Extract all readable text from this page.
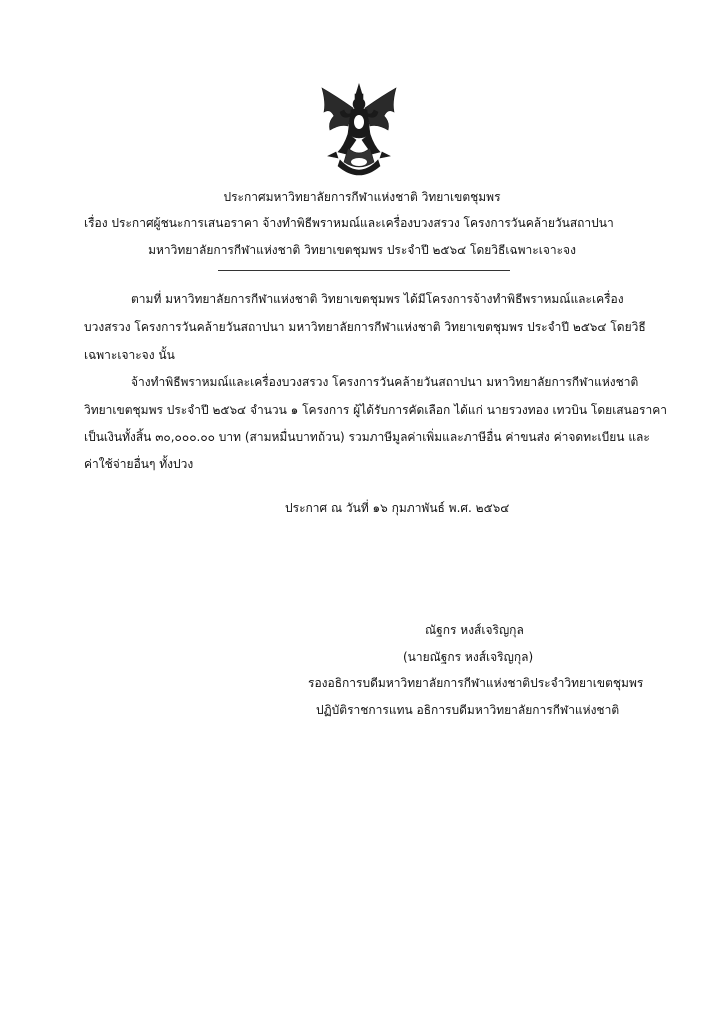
ประกาศมหาวิทยาลัยการกีฬาแห่งชาติ วิทยาเขตชุมพร
เรื่อง ประกาศผู้ชนะการเสนอราคา จ้างทำพิธีพราหมณ์และเครื่องบวงสรวง โครงการวันคล้ายวันสถาปนา
มหาวิทยาลัยการกีฬาแห่งชาติ วิทยาเขตชุมพร ประจำปี ๒๕๖๔ โดยวิธีเฉพาะเจาะจง
ตามที่ มหาวิทยาลัยการกีฬาแห่งชาติ วิทยาเขตชุมพร ได้มีโครงการจ้างทำพิธีพราหมณ์และเครื่อง
บวงสรวง โครงการวันคล้ายวันสถาปนา มหาวิทยาลัยการกีฬาแห่งชาติ วิทยาเขตชุมพร ประจำปี ๒๕๖๔ โดยวิธี
เฉพาะเจาะจง นั้น
จ้างทำพิธีพราหมณ์และเครื่องบวงสรวง โครงการวันคล้ายวันสถาปนา มหาวิทยาลัยการกีฬาแห่งชาติ
วิทยาเขตชุมพร ประจำปี ๒๕๖๔ จำนวน ๑ โครงการ ผู้ได้รับการคัดเลือก ได้แก่ นายรวงทอง เทวบิน โดยเสนอราคา
เป็นเงินทั้งสิ้น ๓๐,๐๐๐.๐๐ บาท (สามหมื่นบาทถ้วน) รวมภาษีมูลค่าเพิ่มและภาษีอื่น ค่าขนส่ง ค่าจดทะเบียน และ
ค่าใช้จ่ายอื่นๆ ทั้งปวง
ประกาศ ณ วันที่ ๑๖ กุมภาพันธ์ พ.ศ. ๒๕๖๔
ณัฐกร หงส์เจริญกุล
(นายณัฐกร หงส์เจริญกุล)
รองอธิการบดีมหาวิทยาลัยการกีฬาแห่งชาติประจำวิทยาเขตชุมพร
ปฏิบัติราชการแทน อธิการบดีมหาวิทยาลัยการกีฬาแห่งชาติ
